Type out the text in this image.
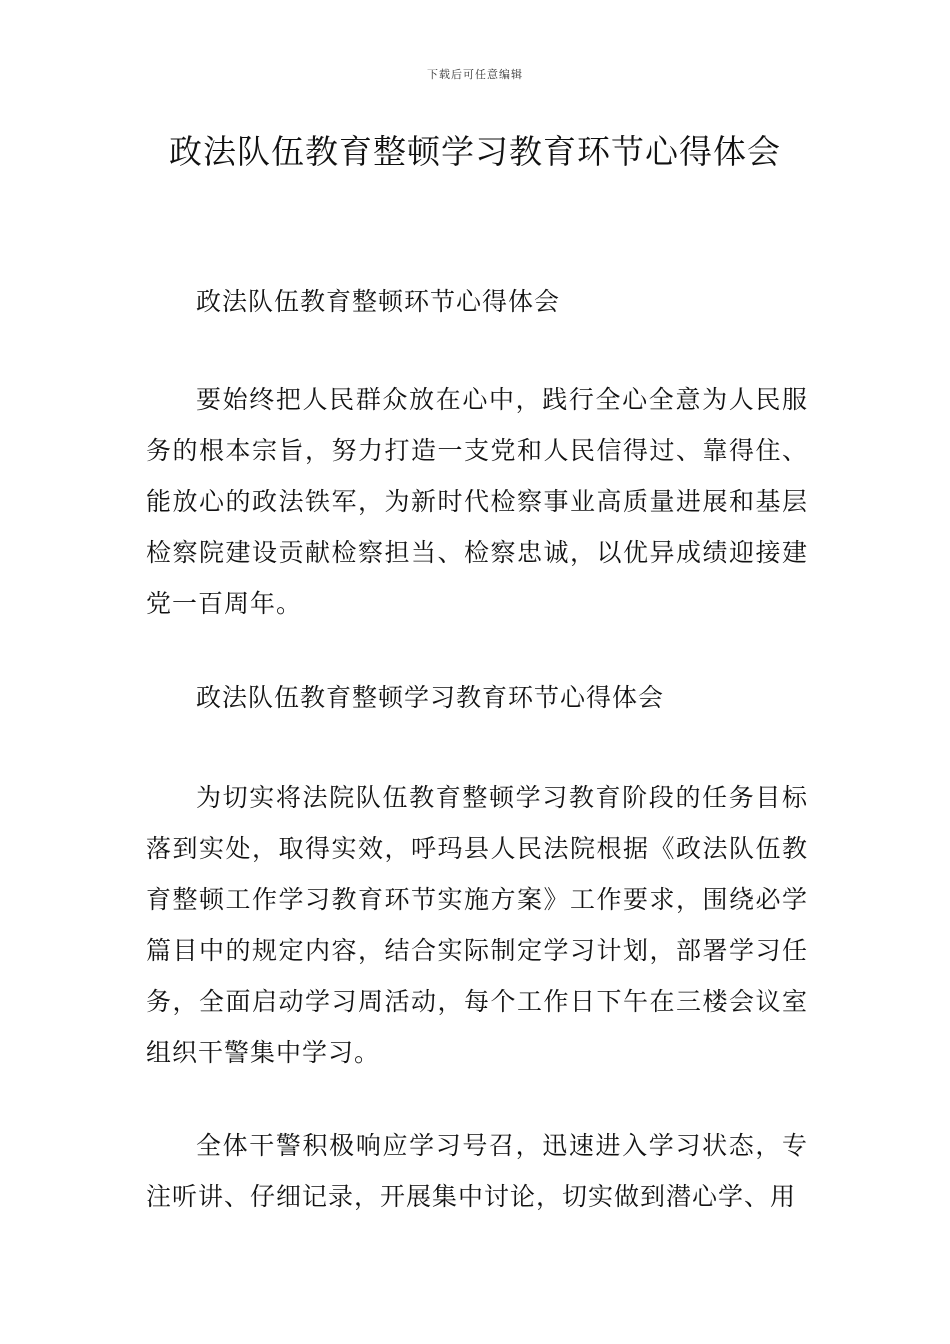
下载后可任意编辑
政法队伍教育整顿学习教育环节心得体会

政法队伍教育整顿环节心得体会

要始终把人民群众放在心中，践行全心全意为人民服务的根本宗旨，努力打造一支党和人民信得过、靠得住、能放心的政法铁军，为新时代检察事业高质量进展和基层检察院建设贡献检察担当、检察忠诚，以优异成绩迎接建党一百周年。

政法队伍教育整顿学习教育环节心得体会

为切实将法院队伍教育整顿学习教育阶段的任务目标落到实处，取得实效，呼玛县人民法院根据《政法队伍教育整顿工作学习教育环节实施方案》工作要求，围绕必学篇目中的规定内容，结合实际制定学习计划，部署学习任务，全面启动学习周活动，每个工作日下午在三楼会议室组织干警集中学习。

全体干警积极响应学习号召，迅速进入学习状态，专注听讲、仔细记录，开展集中讨论，切实做到潜心学、用
